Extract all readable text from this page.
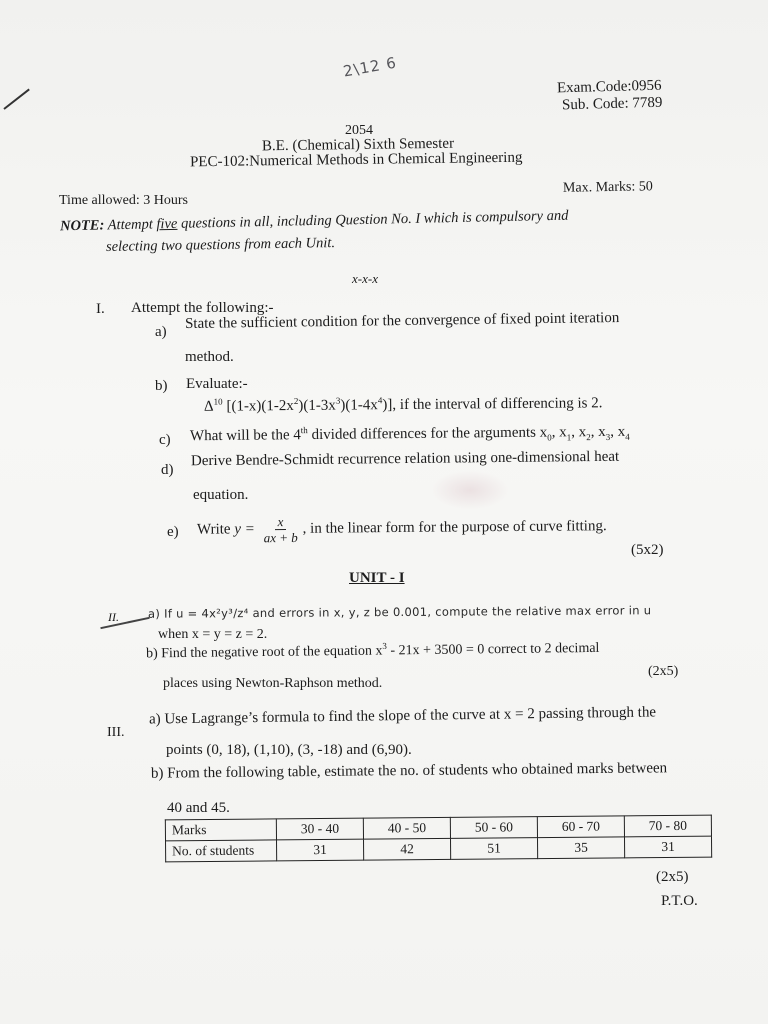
2\12 6
Exam.Code:0956
Sub. Code: 7789
2054
B.E. (Chemical) Sixth Semester
PEC-102:Numerical Methods in Chemical Engineering
Time allowed: 3 Hours
Max. Marks: 50
NOTE: Attempt five questions in all, including Question No. I which is compulsory and
selecting two questions from each Unit.
x-x-x
I. Attempt the following:-
a) State the sufficient condition for the convergence of fixed point iteration
method.
b) Evaluate:-
$\Delta^{10}$ $[(1-x)(1-2x^2)(1-3x^3)(1-4x^4)]$, if the interval of differencing is 2.
c) What will be the 4th divided differences for the arguments $x_0$, $x_1$, $x_2$, $x_3$, $x_4$
d)
Derive Bendre-Schmidt recurrence relation using one-dimensional heat
equation.
e) Write $y = \frac{x}{ax + b}$ , in the linear form for the purpose of curve fitting.
(5x2)
UNIT - I
II.	a) If u = 4x²y³/z⁴ and errors in x, y, z be 0.001, compute the relative max error in u
when x = y = z = 2.
b) Find the negative root of the equation $x^3 - 21x + 3500 = 0$ correct to 2 decimal
places using Newton-Raphson method.
(2x5)
III.
a) Use Lagrange’s formula to find the slope of the curve at x = 2 passing through the
points (0, 18), (1,10), (3, -18) and (6,90).
b) From the following table, estimate the no. of students who obtained marks between
40 and 45.
Marks	30 - 40	40 - 50	50 - 60	60 - 70	70 - 80
No. of students	31	42	51	35	31
(2x5)
P.T.O.
